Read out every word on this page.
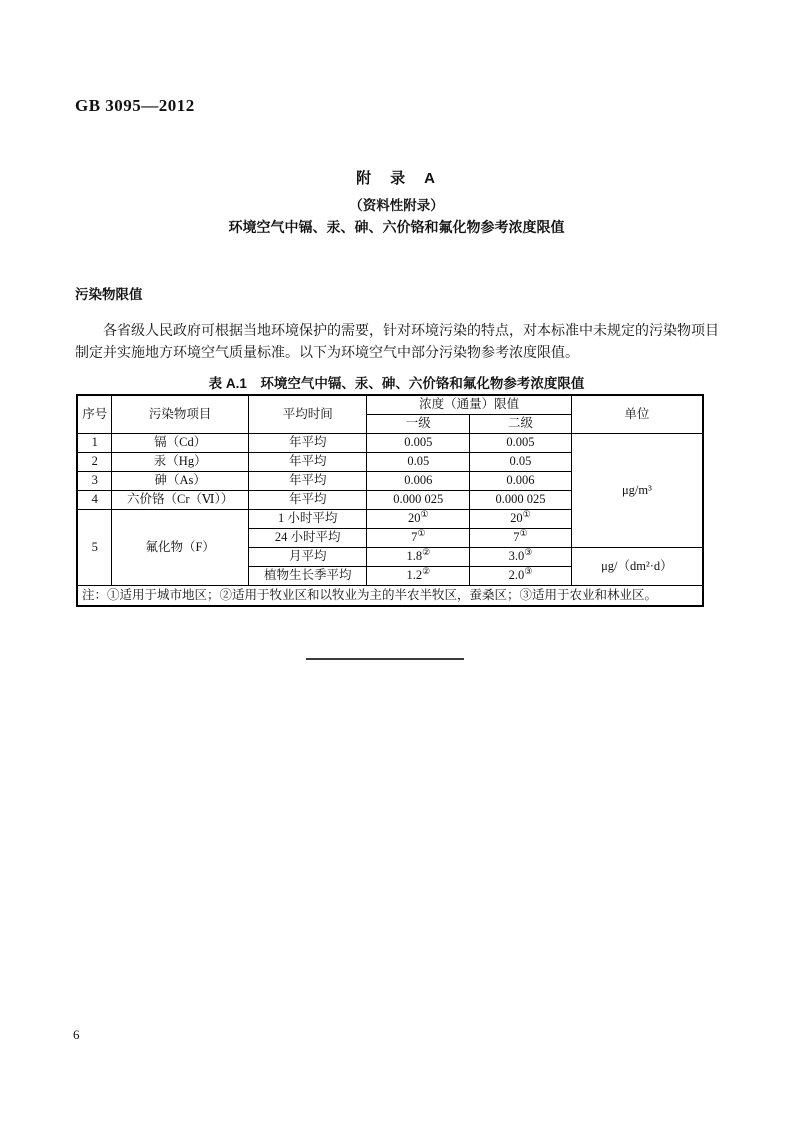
GB 3095—2012
附　录　A
（资料性附录）
环境空气中镉、汞、砷、六价铬和氟化物参考浓度限值
污染物限值
各省级人民政府可根据当地环境保护的需要，针对环境污染的特点，对本标准中未规定的污染物项目制定并实施地方环境空气质量标准。以下为环境空气中部分污染物参考浓度限值。
表 A.1　环境空气中镉、汞、砷、六价铬和氟化物参考浓度限值
序号	污染物项目	平均时间	浓度（通量）限值		单位
			一级	二级	
1	镉（Cd）	年平均	0.005	0.005	μg/m³
2	汞（Hg）	年平均	0.05	0.05	
3	砷（As）	年平均	0.006	0.006	
4	六价铬（Cr（Ⅵ））	年平均	0.000 025	0.000 025	
5	氟化物（F）	1 小时平均	20①	20①
		24 小时平均	7①	7①
		月平均	1.8②	3.0③	μg/（dm²·d）
		植物生长季平均	1.2②	2.0③
注：①适用于城市地区；②适用于牧业区和以牧业为主的半农半牧区，蚕桑区；③适用于农业和林业区。					
6
